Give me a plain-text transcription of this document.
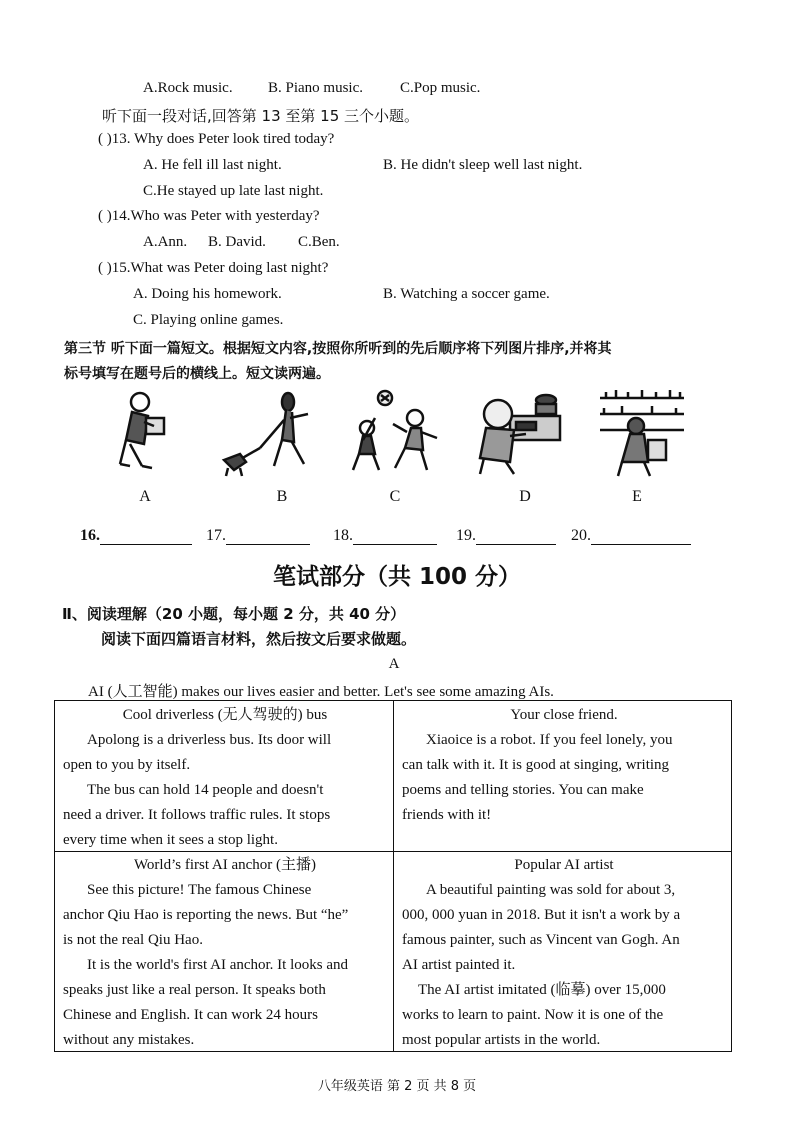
A.Rock music. B. Piano music. C.Pop music.
听下面一段对话,回答第 13 至第 15 三个小题。
( )13. Why does Peter look tired today?
A. He fell ill last night.	B. He didn't sleep well last night.
C.He stayed up late last night.
( )14.Who was Peter with yesterday?
A.Ann. B. David. C.Ben.
( )15.What was Peter doing last night?
A. Doing his homework.	B. Watching a soccer game.
C. Playing online games.
第三节 听下面一篇短文。根据短文内容,按照你所听到的先后顺序将下列图片排序,并将其
标号填写在题号后的横线上。短文读两遍。
A	B	C	D	E
16.	17.	18.	19.	20.
笔试部分（共 100 分）
Ⅱ、阅读理解（20 小题，每小题 2 分，共 40 分）
阅读下面四篇语言材料，然后按文后要求做题。
A
AI (人工智能) makes our lives easier and better. Let's see some amazing AIs.

Cool driverless (无人驾驶的) bus

Apolong is a driverless bus. Its door will

open to you by itself.

The bus can hold 14 people and doesn't

need a driver. It follows traffic rules. It stops

every time when it sees a stop light.

Your close friend.

Xiaoice is a robot. If you feel lonely, you

can talk with it. It is good at singing, writing

poems and telling stories. You can make

friends with it!

World’s first AI anchor (主播)

See this picture! The famous Chinese

anchor Qiu Hao is reporting the news. But “he”

is not the real Qiu Hao.

It is the world's first AI anchor. It looks and

speaks just like a real person. It speaks both

Chinese and English. It can work 24 hours

without any mistakes.

Popular AI artist

A beautiful painting was sold for about 3,

000, 000 yuan in 2018. But it isn't a work by a

famous painter, such as Vincent van Gogh. An

AI artist painted it.

The AI artist imitated (临摹) over 15,000

works to learn to paint. Now it is one of the

most popular artists in the world.

八年级英语 第 2 页 共 8 页
